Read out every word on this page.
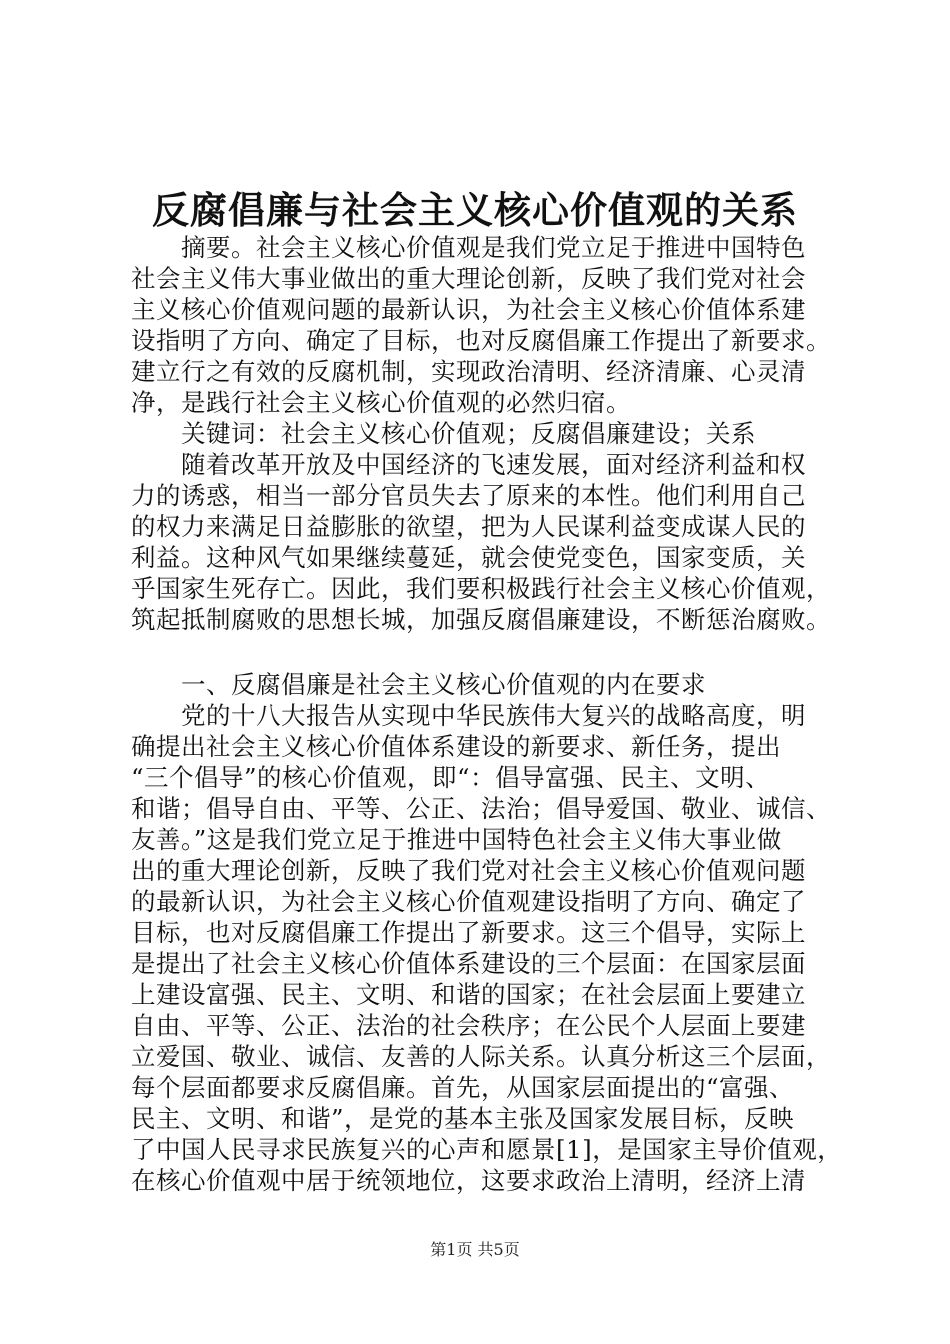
反腐倡廉与社会主义核心价值观的关系
摘要。社会主义核心价值观是我们党立足于推进中国特色
社会主义伟大事业做出的重大理论创新，反映了我们党对社会
主义核心价值观问题的最新认识，为社会主义核心价值体系建
设指明了方向、确定了目标，也对反腐倡廉工作提出了新要求。
建立行之有效的反腐机制，实现政治清明、经济清廉、心灵清
净，是践行社会主义核心价值观的必然归宿。
关键词：社会主义核心价值观；反腐倡廉建设；关系
随着改革开放及中国经济的飞速发展，面对经济利益和权
力的诱惑，相当一部分官员失去了原来的本性。他们利用自己
的权力来满足日益膨胀的欲望，把为人民谋利益变成谋人民的
利益。这种风气如果继续蔓延，就会使党变色，国家变质，关
乎国家生死存亡。因此，我们要积极践行社会主义核心价值观，
筑起抵制腐败的思想长城，加强反腐倡廉建设，不断惩治腐败。
一、反腐倡廉是社会主义核心价值观的内在要求
党的十八大报告从实现中华民族伟大复兴的战略高度，明
确提出社会主义核心价值体系建设的新要求、新任务，提出
“三个倡导”的核心价值观，即“：倡导富强、民主、文明、
和谐；倡导自由、平等、公正、法治；倡导爱国、敬业、诚信、
友善。”这是我们党立足于推进中国特色社会主义伟大事业做
出的重大理论创新，反映了我们党对社会主义核心价值观问题
的最新认识，为社会主义核心价值观建设指明了方向、确定了
目标，也对反腐倡廉工作提出了新要求。这三个倡导，实际上
是提出了社会主义核心价值体系建设的三个层面：在国家层面
上建设富强、民主、文明、和谐的国家；在社会层面上要建立
自由、平等、公正、法治的社会秩序；在公民个人层面上要建
立爱国、敬业、诚信、友善的人际关系。认真分析这三个层面，
每个层面都要求反腐倡廉。首先，从国家层面提出的“富强、
民主、文明、和谐”，是党的基本主张及国家发展目标，反映
了中国人民寻求民族复兴的心声和愿景[1]，是国家主导价值观，
在核心价值观中居于统领地位，这要求政治上清明，经济上清
第1页 共5页
